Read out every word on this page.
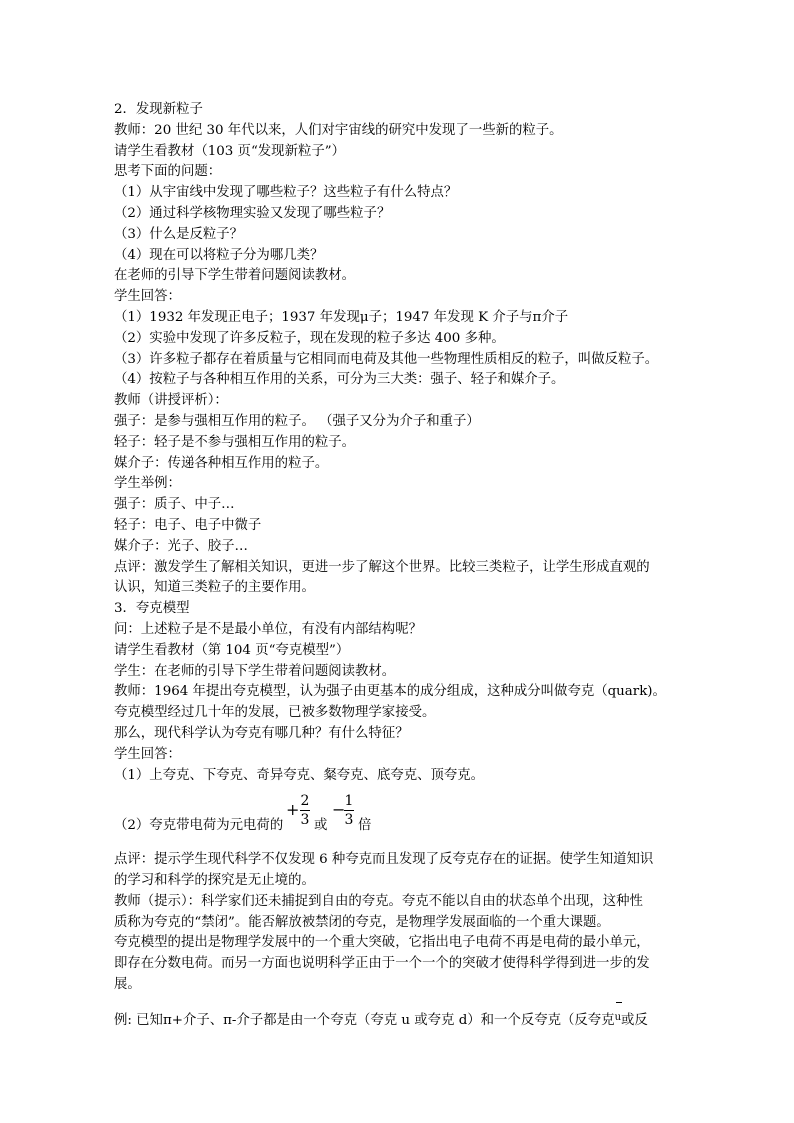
2．发现新粒子
教师：20 世纪 30 年代以来，人们对宇宙线的研究中发现了一些新的粒子。
请学生看教材（103 页“发现新粒子”）
思考下面的问题：
（1）从宇宙线中发现了哪些粒子？这些粒子有什么特点？
（2）通过科学核物理实验又发现了哪些粒子？
（3）什么是反粒子？
（4）现在可以将粒子分为哪几类？
在老师的引导下学生带着问题阅读教材。
学生回答：
（1）1932 年发现正电子；1937 年发现μ子；1947 年发现 K 介子与π介子
（2）实验中发现了许多反粒子，现在发现的粒子多达 400 多种。
（3）许多粒子都存在着质量与它相同而电荷及其他一些物理性质相反的粒子，叫做反粒子。
（4）按粒子与各种相互作用的关系，可分为三大类：强子、轻子和媒介子。
教师（讲授评析）：
强子：是参与强相互作用的粒子。 （强子又分为介子和重子）
轻子：轻子是不参与强相互作用的粒子。
媒介子：传递各种相互作用的粒子。
学生举例：
强子：质子、中子…
轻子：电子、电子中微子
媒介子：光子、胶子…
点评：激发学生了解相关知识，更进一步了解这个世界。比较三类粒子，让学生形成直观的
认识，知道三类粒子的主要作用。
3．夸克模型
问：上述粒子是不是最小单位，有没有内部结构呢？
请学生看教材（第 104 页“夸克模型”）
学生：在老师的引导下学生带着问题阅读教材。
教师：1964 年提出夸克模型，认为强子由更基本的成分组成，这种成分叫做夸克（quark)。
夸克模型经过几十年的发展，已被多数物理学家接受。
那么，现代科学认为夸克有哪几种？有什么特征？
学生回答：
（1）上夸克、下夸克、奇异夸克、粲夸克、底夸克、顶夸克。
（2）夸克带电荷为元电荷的
+ 2
3 或
− 1
3 倍
点评：提示学生现代科学不仅发现 6 种夸克而且发现了反夸克存在的证据。使学生知道知识
的学习和科学的探究是无止境的。
教师（提示）：科学家们还未捕捉到自由的夸克。夸克不能以自由的状态单个出现，这种性
质称为夸克的“禁闭”。能否解放被禁闭的夸克，是物理学发展面临的一个重大课题。
夸克模型的提出是物理学发展中的一个重大突破，它指出电子电荷不再是电荷的最小单元，
即存在分数电荷。而另一方面也说明科学正由于一个一个的突破才使得科学得到进一步的发
展。
例: 已知π+介子、π-介子都是由一个夸克（夸克 u 或夸克 d）和一个反夸克（反夸克u或反
